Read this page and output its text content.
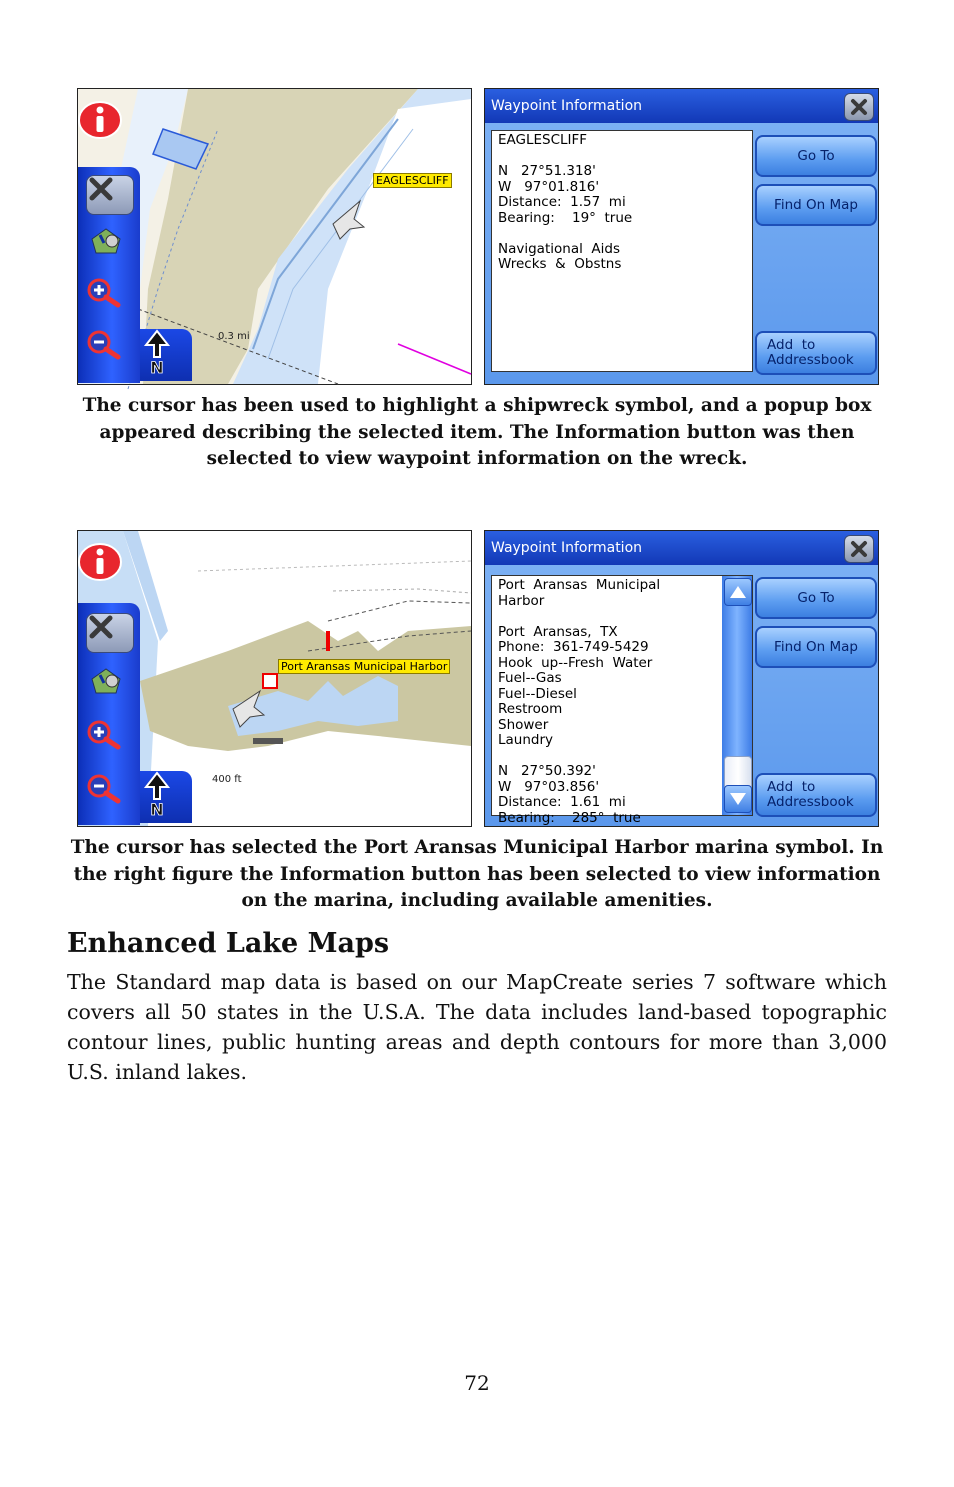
EAGLESCLIFF
0.3 mi
N
Waypoint Information
EAGLESCLIFF

N   27°51.318'
W   97°01.816'
Distance:  1.57  mi
Bearing:    19°  true

Navigational  Aids
Wrecks  &  Obstns
Go To
Find On Map
Add  to
Addressbook
The cursor has been used to highlight a shipwreck symbol, and a popup box appeared describing the selected item. The Information button was then selected to view waypoint information on the wreck.
Port Aransas Municipal Harbor
400 ft
N
Waypoint Information
Port  Aransas  Municipal
Harbor

Port  Aransas,  TX
Phone:  361-749-5429
Hook  up--Fresh  Water
Fuel--Gas
Fuel--Diesel
Restroom
Shower
Laundry

N   27°50.392'
W   97°03.856'
Distance:  1.61  mi
Bearing:    285°  true
Go To
Find On Map
Add  to
Addressbook
The cursor has selected the Port Aransas Municipal Harbor marina symbol. In the right figure the Information button has been selected to view information on the marina, including available amenities.
Enhanced Lake Maps
The Standard map data is based on our MapCreate series 7 software which covers all 50 states in the U.S.A. The data includes land-based topographic contour lines, public hunting areas and depth contours for more than 3,000 U.S. inland lakes.
72
